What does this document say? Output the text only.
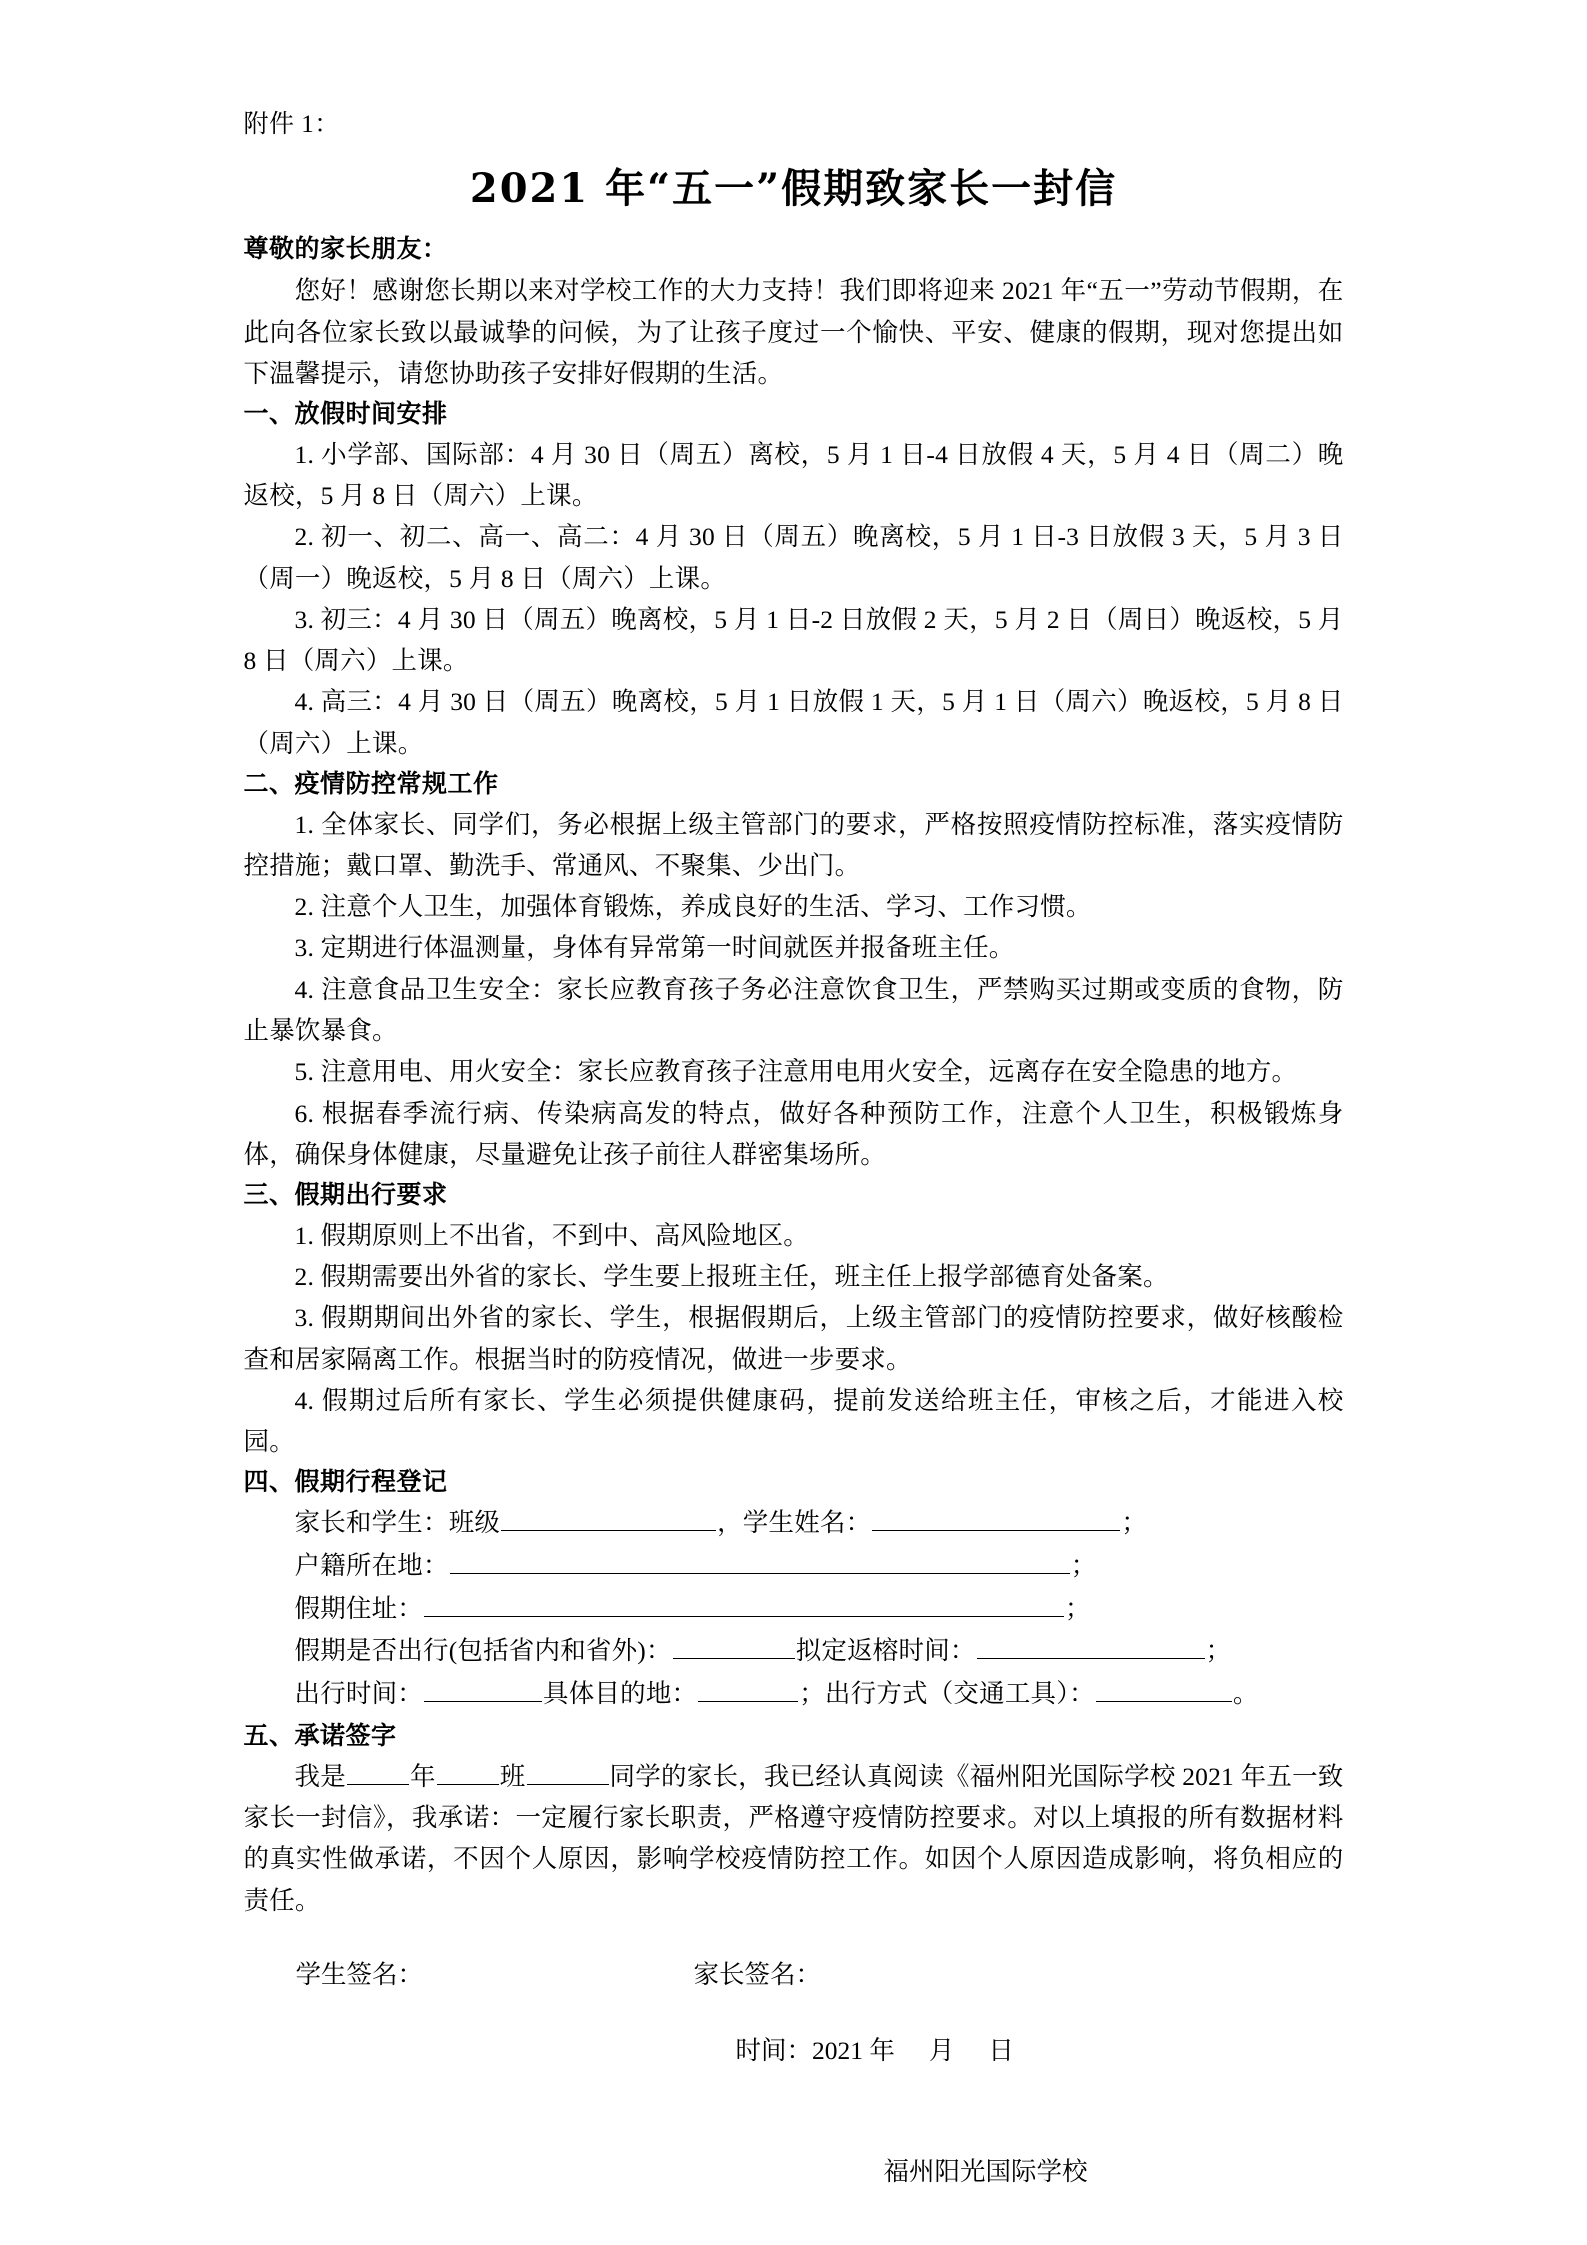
附件 1：
2021 年“五一”假期致家长一封信
尊敬的家长朋友：

您好！感谢您长期以来对学校工作的大力支持！我们即将迎来 2021 年“五一”劳动节假期，在此向各位家长致以最诚挚的问候，为了让孩子度过一个愉快、平安、健康的假期，现对您提出如下温馨提示，请您协助孩子安排好假期的生活。

一、放假时间安排

1. 小学部、国际部：4 月 30 日（周五）离校，5 月 1 日-4 日放假 4 天，5 月 4 日（周二）晚返校，5 月 8 日（周六）上课。

2. 初一、初二、高一、高二：4 月 30 日（周五）晚离校，5 月 1 日-3 日放假 3 天，5 月 3 日（周一）晚返校，5 月 8 日（周六）上课。

3. 初三：4 月 30 日（周五）晚离校，5 月 1 日-2 日放假 2 天，5 月 2 日（周日）晚返校，5 月 8 日（周六）上课。

4. 高三：4 月 30 日（周五）晚离校，5 月 1 日放假 1 天，5 月 1 日（周六）晚返校，5 月 8 日（周六）上课。

二、疫情防控常规工作

1. 全体家长、同学们，务必根据上级主管部门的要求，严格按照疫情防控标准，落实疫情防控措施；戴口罩、勤洗手、常通风、不聚集、少出门。

2. 注意个人卫生，加强体育锻炼，养成良好的生活、学习、工作习惯。

3. 定期进行体温测量，身体有异常第一时间就医并报备班主任。

4. 注意食品卫生安全：家长应教育孩子务必注意饮食卫生，严禁购买过期或变质的食物，防止暴饮暴食。

5. 注意用电、用火安全：家长应教育孩子注意用电用火安全，远离存在安全隐患的地方。

6. 根据春季流行病、传染病高发的特点，做好各种预防工作，注意个人卫生，积极锻炼身体，确保身体健康，尽量避免让孩子前往人群密集场所。

三、假期出行要求

1. 假期原则上不出省，不到中、高风险地区。

2. 假期需要出外省的家长、学生要上报班主任，班主任上报学部德育处备案。

3. 假期期间出外省的家长、学生，根据假期后，上级主管部门的疫情防控要求，做好核酸检查和居家隔离工作。根据当时的防疫情况，做进一步要求。

4. 假期过后所有家长、学生必须提供健康码，提前发送给班主任，审核之后，才能进入校园。

四、假期行程登记
家长和学生：班级	，学生姓名：	；
户籍所在地：	；
假期住址：	；
假期是否出行(包括省内和省外)：	拟定返榕时间：	；
出行时间：	具体目的地：	；出行方式（交通工具）：	。
五、承诺签字

我是	年	班	同学的家长，我已经认真阅读《福州阳光国际学校 2021 年五一致家长一封信》，我承诺：一定履行家长职责，严格遵守疫情防控要求。对以上填报的所有数据材料的真实性做承诺，不因个人原因，影响学校疫情防控工作。如因个人原因造成影响，将负相应的责任。

学生签名：	家长签名：
时间：2021 年 月 日
福州阳光国际学校
